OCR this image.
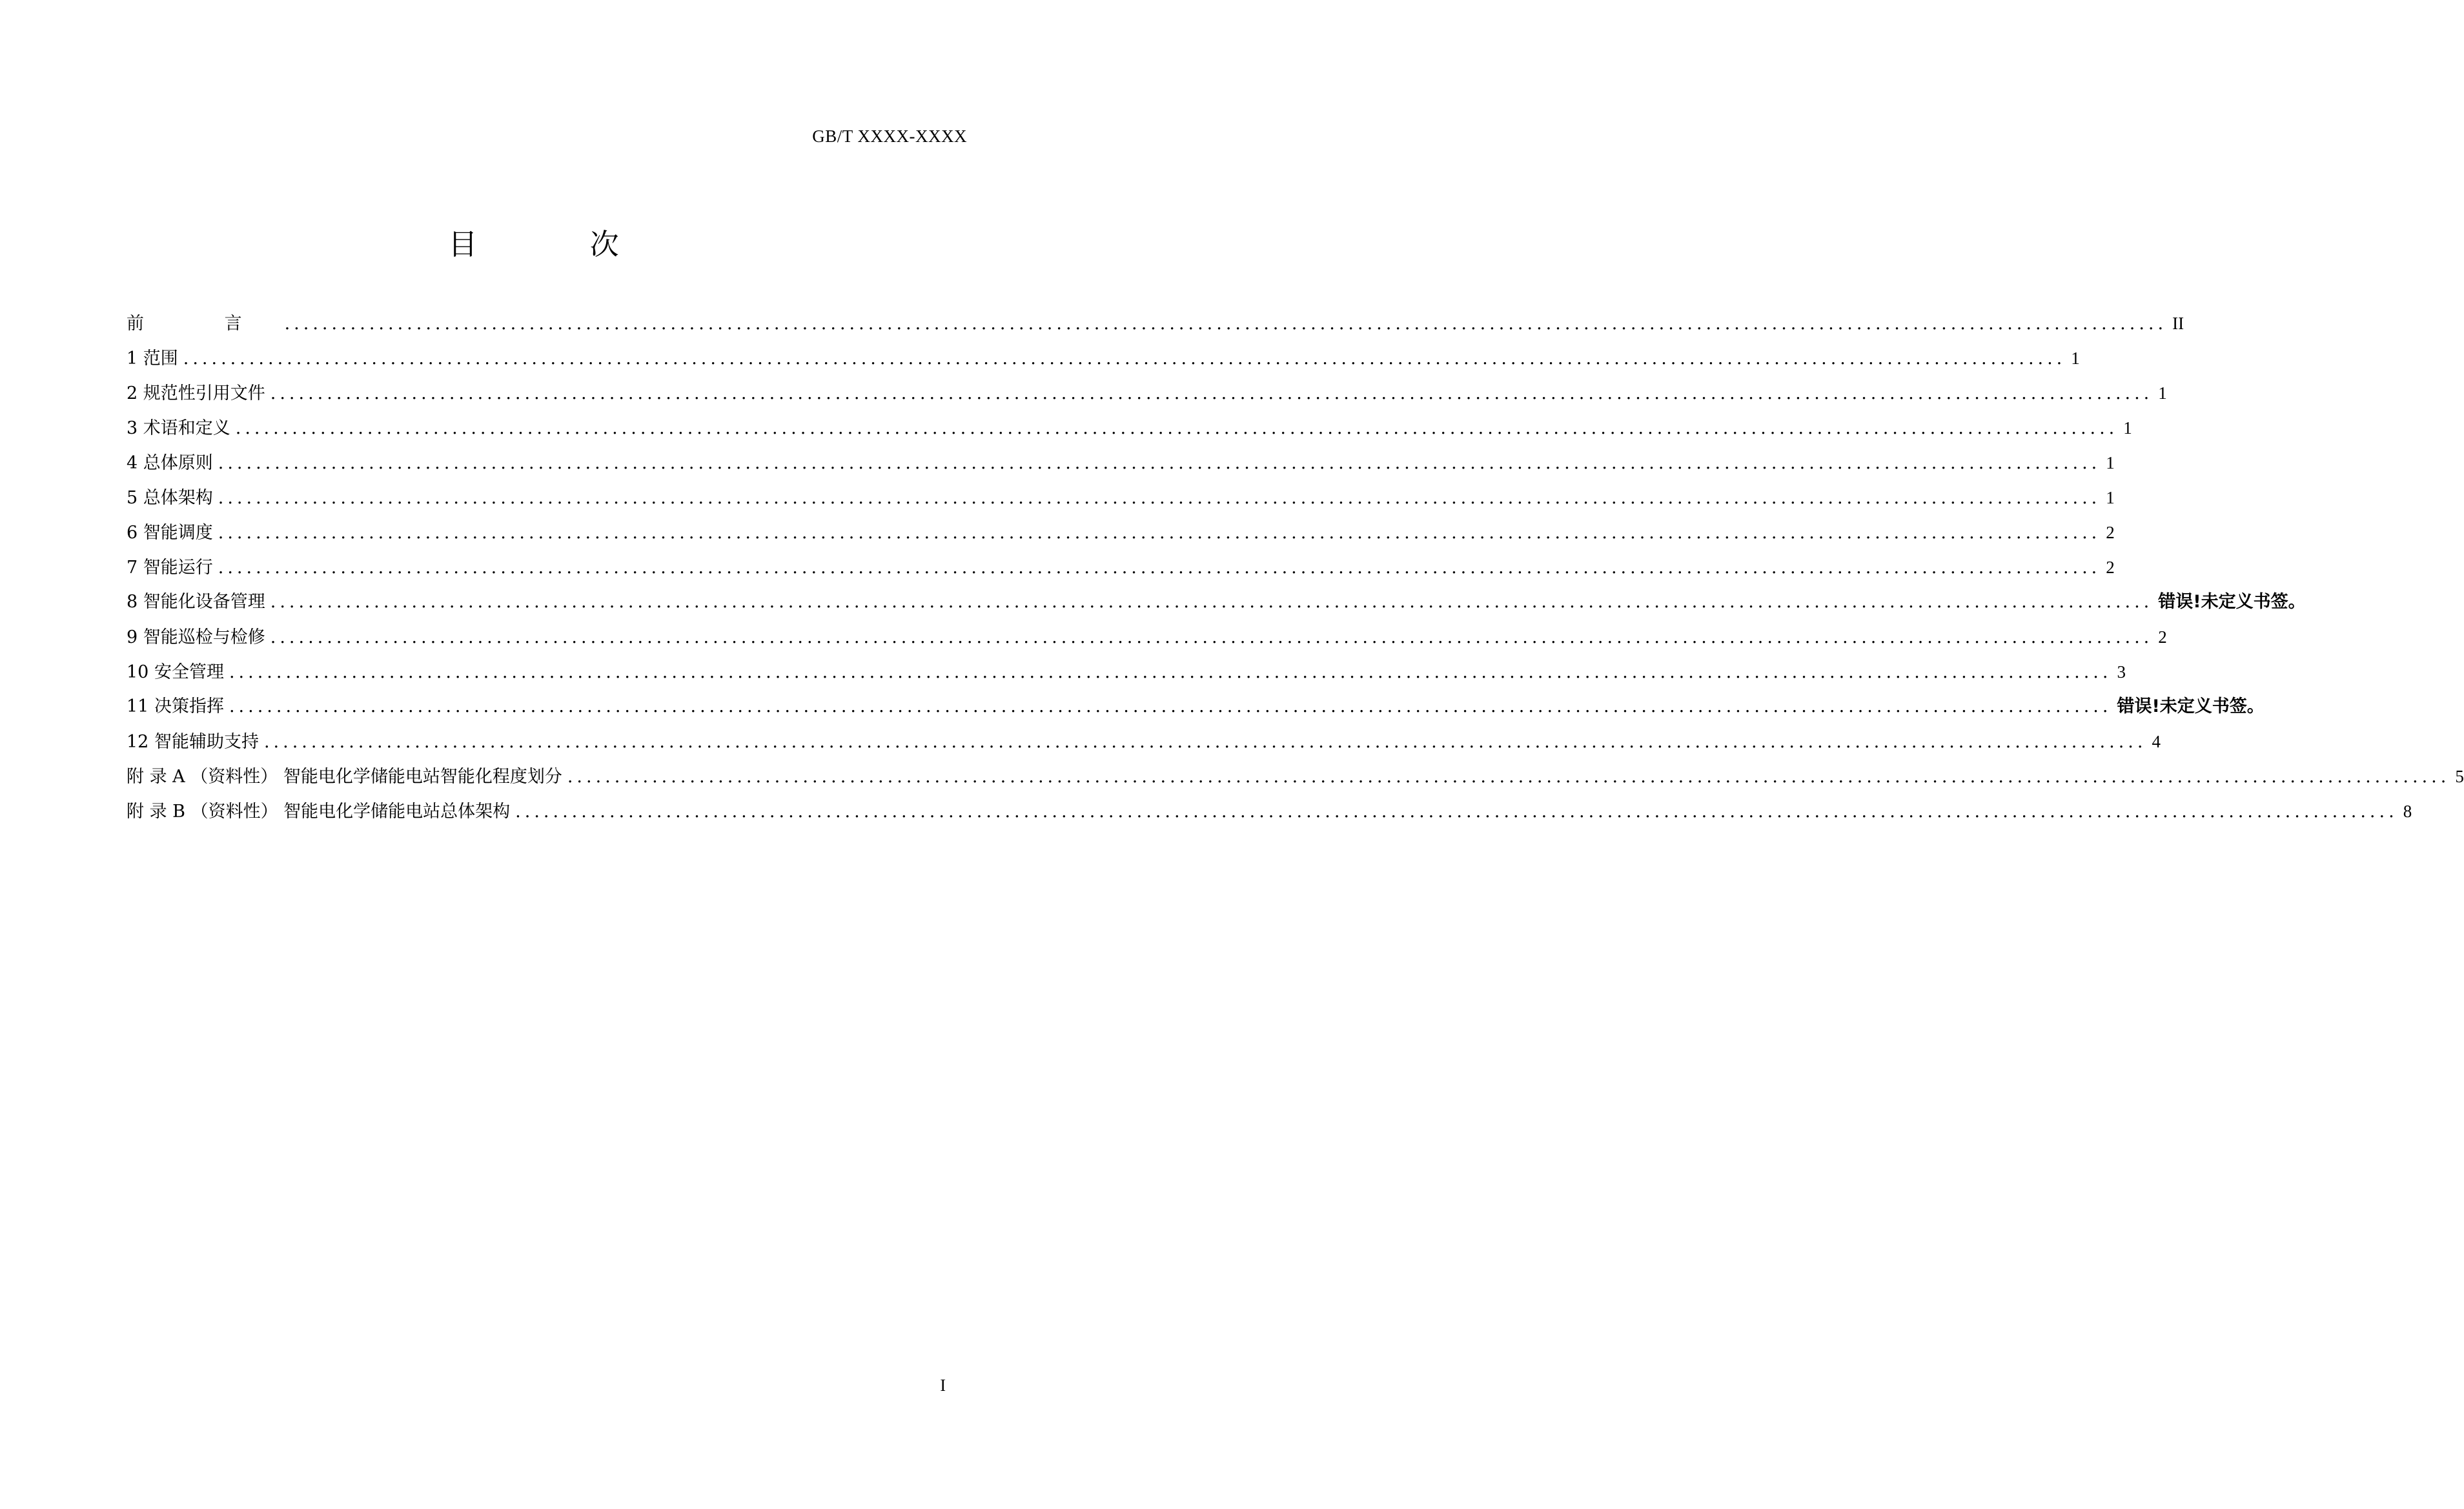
GB/T XXXX-XXXX
目 次
前 言 ........................................................................................................................................................................................................ II
1 范围 ........................................................................................................................................................................................................ 1
2 规范性引用文件 ........................................................................................................................................................................................................ 1
3 术语和定义 ........................................................................................................................................................................................................ 1
4 总体原则 ........................................................................................................................................................................................................ 1
5 总体架构 ........................................................................................................................................................................................................ 1
6 智能调度 ........................................................................................................................................................................................................ 2
7 智能运行 ........................................................................................................................................................................................................ 2
8 智能化设备管理 ........................................................................................................................................................................................................ 错误!未定义书签。
9 智能巡检与检修 ........................................................................................................................................................................................................ 2
10 安全管理 ........................................................................................................................................................................................................ 3
11 决策指挥 ........................................................................................................................................................................................................ 错误!未定义书签。
12 智能辅助支持 ........................................................................................................................................................................................................ 4
附 录 A （资料性） 智能电化学储能电站智能化程度划分 ........................................................................................................................................................................................................ 5
附 录 B （资料性） 智能电化学储能电站总体架构 ........................................................................................................................................................................................................ 8
I
